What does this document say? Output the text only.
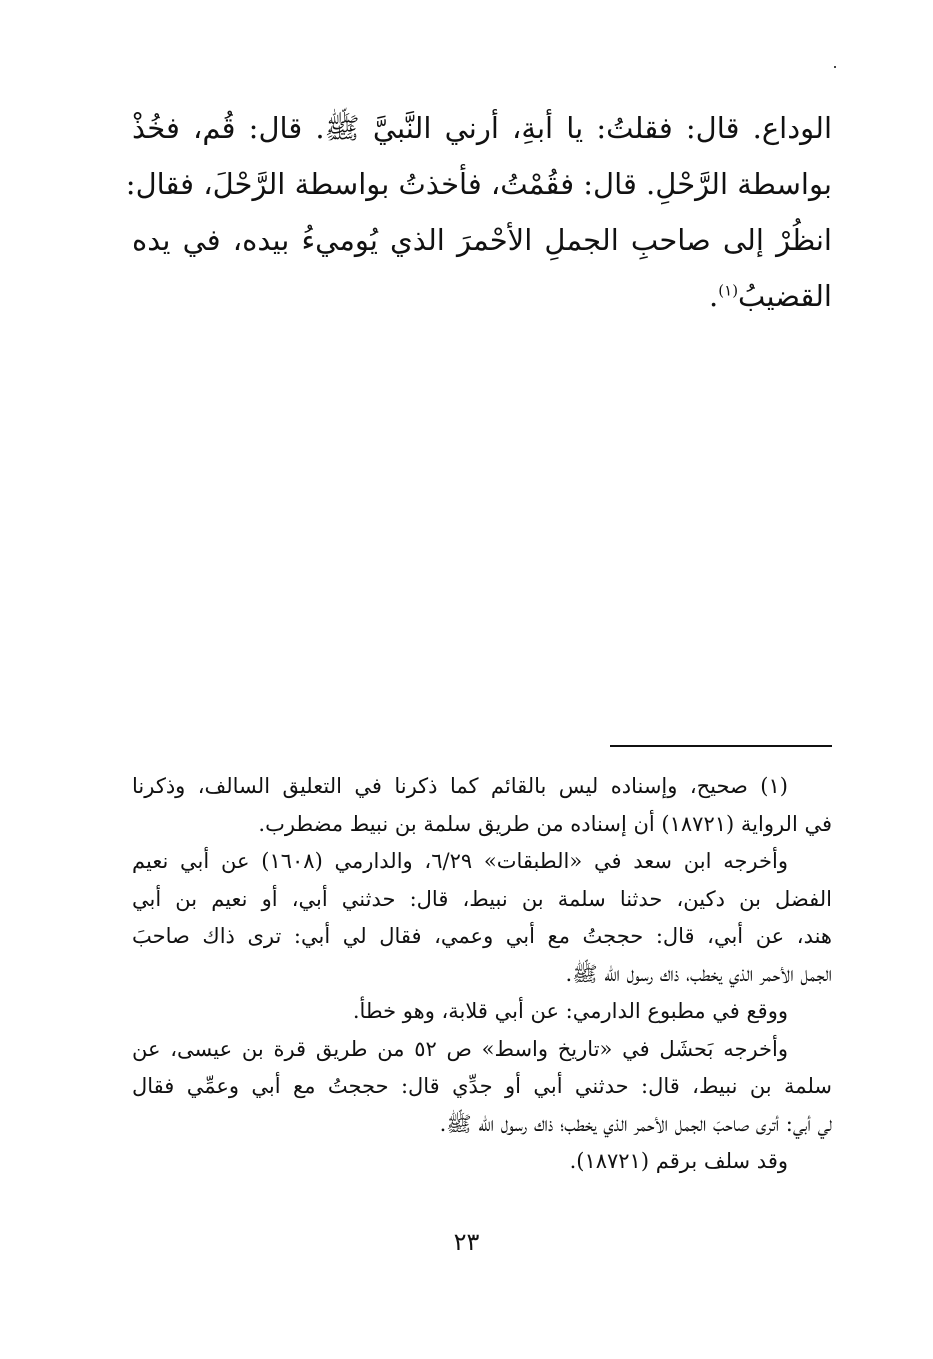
الوداع. قال: فقلتُ: يا أبةِ، أرني النَّبيَّ ﷺ. قال: قُم، فخُذْ
بواسطة الرَّحْلِ. قال: فقُمْتُ، فأخذتُ بواسطة الرَّحْلَ، فقال:
انظُرْ إلى صاحبِ الجملِ الأحْمرَ الذي يُوميءُ بيده، في يده
القضيبُ$^{(١)}$.
(١) صحيح، وإسناده ليس بالقائم كما ذكرنا في التعليق السالف، وذكرنا
في الرواية (١٨٧٢١) أن إسناده من طريق سلمة بن نبيط مضطرب.
وأخرجه ابن سعد في «الطبقات» ٦/٢٩، والدارمي (١٦٠٨) عن أبي نعيم
الفضل بن دكين، حدثنا سلمة بن نبيط، قال: حدثني أبي، أو نعيم بن أبي
هند، عن أبي، قال: حججتُ مع أبي وعمي، فقال لي أبي: ترى ذاك صاحبَ
الجمل الأحمر الذي يخطب، ذاك رسول الله ﷺ.
ووقع في مطبوع الدارمي: عن أبي قلابة، وهو خطأ.
وأخرجه بَحشَل في «تاريخ واسط» ص ٥٢ من طريق قرة بن عيسى، عن
سلمة بن نبيط، قال: حدثني أبي أو جدِّي قال: حججتُ مع أبي وعمِّي فقال
لي أبي: أترى صاحبَ الجمل الأحمر الذي يخطب؛ ذاك رسول الله ﷺ.
وقد سلف برقم (١٨٧٢١).
٢٣
